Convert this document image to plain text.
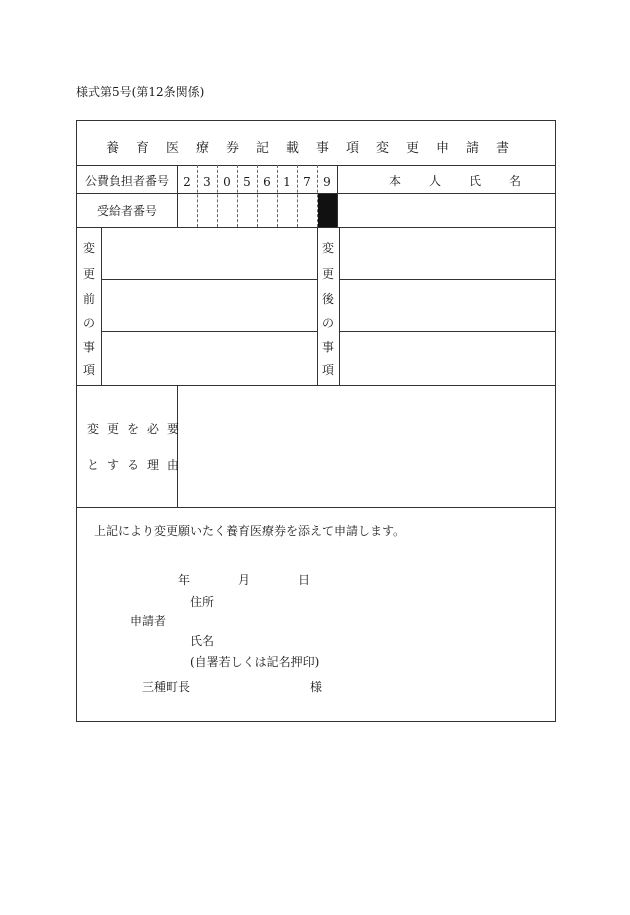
様式第5号(第12条関係)
養育医療券記載事項変更申請書
公費負担者番号	2	3	0	5	6	1	7	9	本　人　氏　名
受給者番号
変
更
前
の
事
項
変
更
後
の
事
項
変更を必要
とする理由
上記により変更願いたく養育医療券を添えて申請します。
年	月	日
住所
申請者
氏名
(自署若しくは記名押印)
三種町長	様
